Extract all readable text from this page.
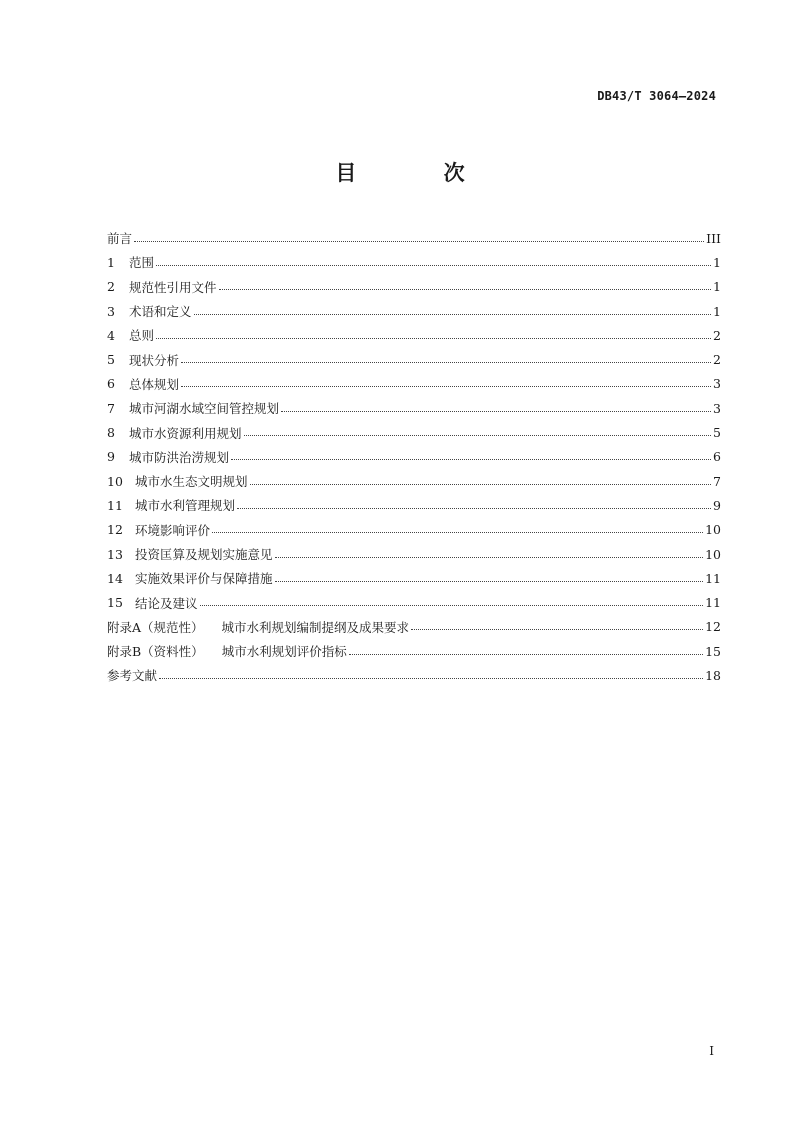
DB43/T 3064—2024
目 次
前言	III
1	范围	1
2	规范性引用文件	1
3	术语和定义	1
4	总则	2
5	现状分析	2
6	总体规划	3
7	城市河湖水域空间管控规划	3
8	城市水资源利用规划	5
9	城市防洪治涝规划	6
10 城市水生态文明规划	7
11 城市水利管理规划	9
12 环境影响评价	10
13 投资匡算及规划实施意见	10
14 实施效果评价与保障措施	11
15 结论及建议	11
附录A（规范性）	城市水利规划编制提纲及成果要求	12
附录B（资料性）	城市水利规划评价指标	15
参考文献	18
I
